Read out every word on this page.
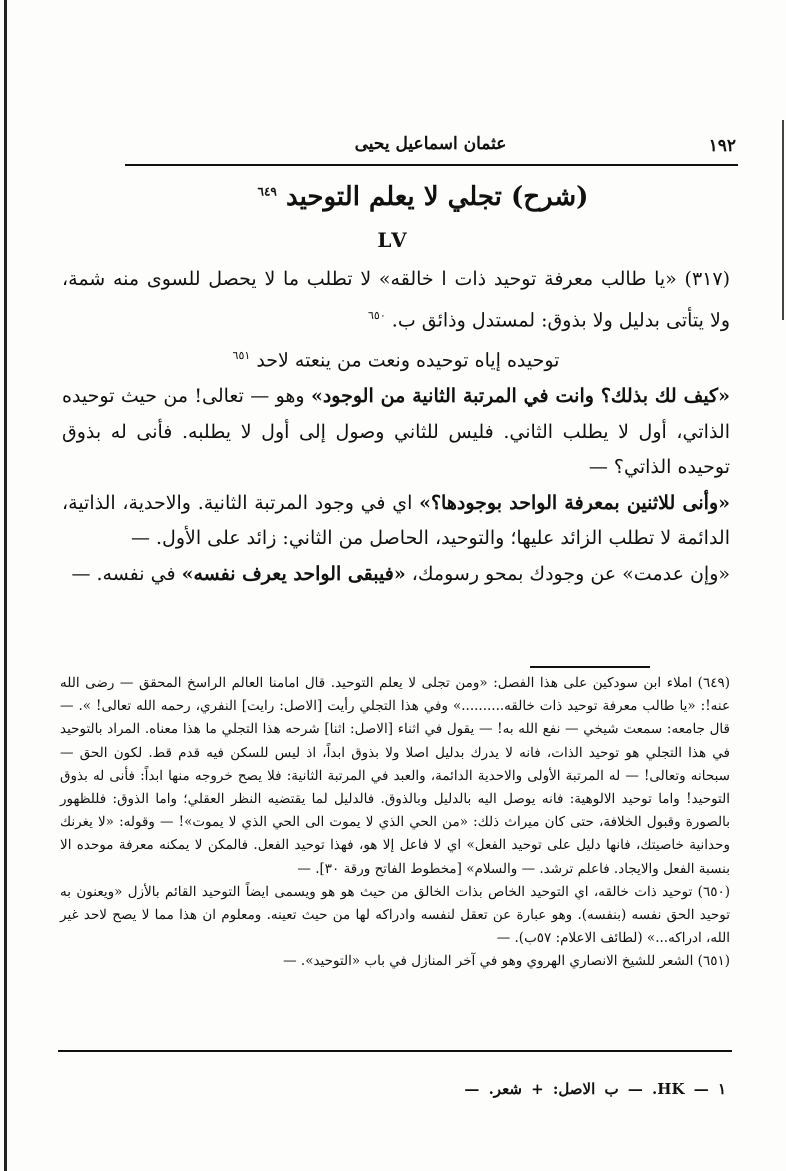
١٩٢
عثمان اسماعيل يحيى
(شرح) تجلي لا يعلم التوحيد $^{٦٤٩}$
LV

(٣١٧) «يا طالب معرفة توحيد ذات ا خالقه» لا تطلب ما لا يحصل للسوى منه شمة، ولا يتأتى بدليل ولا بذوق: لمستدل وذائق ب. $^{٦٥٠}$

توحيده إياه توحيده ونعت من ينعته لاحد $^{٦٥١}$

«كيف لك بذلك؟ وانت في المرتبة الثانية من الوجود» وهو — تعالى! من حيث توحيده الذاتي، أول لا يطلب الثاني. فليس للثاني وصول إلى أول لا يطلبه. فأنى له بذوق توحيده الذاتي؟ —

«وأنى للاثنين بمعرفة الواحد بوجودها؟» اي في وجود المرتبة الثانية. والاحدية، الذاتية، الدائمة لا تطلب الزائد عليها؛ والتوحيد، الحاصل من الثاني: زائد على الأول. —

«وإن عدمت» عن وجودك بمحو رسومك، «فيبقى الواحد يعرف نفسه» في نفسه. —

(٦٤٩) املاء ابن سودكين على هذا الفصل: «ومن تجلى لا يعلم التوحيد. قال امامنا العالم الراسخ المحقق — رضى الله عنه!: «يا طالب معرفة توحيد ذات خالقه..........» وفي هذا التجلي رأيت [الاصل: رايت] النفري، رحمه الله تعالى! ». — قال جامعه: سمعت شيخي — نفع الله به! — يقول في اثناء [الاصل: اثنا] شرحه هذا التجلي ما هذا معناه. المراد بالتوحيد في هذا التجلي هو توحيد الذات، فانه لا يدرك بدليل اصلا ولا بذوق ابداً، اذ ليس للسكن فيه قدم قط. لكون الحق — سبحانه وتعالى! — له المرتبة الأولى والاحدية الدائمة، والعبد في المرتبة الثانية: فلا يصح خروجه منها ابداً: فأنى له بذوق التوحيد! واما توحيد الالوهية: فانه يوصل اليه بالدليل وبالذوق. فالدليل لما يقتضيه النظر العقلي؛ واما الذوق: فللظهور بالصورة وقبول الخلافة، حتى كان ميراث ذلك: «من الحي الذي لا يموت الى الحي الذي لا يموت»! — وقوله: «لا يغرنك وحدانية خاصيتك، فانها دليل على توحيد الفعل» اي لا فاعل إلا هو، فهذا توحيد الفعل. فالمكن لا يمكنه معرفة موحده الا بنسبة الفعل والايجاد. فاعلم ترشد. — والسلام» [مخطوط الفاتح ورقة ٣٠]. —

(٦٥٠) توحيد ذات خالقه، اي التوحيد الخاص بذات الخالق من حيث هو هو ويسمى ايضاً التوحيد القائم بالأزل «ويعنون به توحيد الحق نفسه (بنفسه). وهو عبارة عن تعقل لنفسه وادراكه لها من حيث تعينه. ومعلوم ان هذا مما لا يصح لاحد غير الله، ادراكه...» (لطائف الاعلام: ٥٧ب). —

(٦٥١) الشعر للشيخ الانصاري الهروي وهو في آخر المنازل في باب «التوحيد». —

١ — HK. — ب الاصل: + شعر. —
